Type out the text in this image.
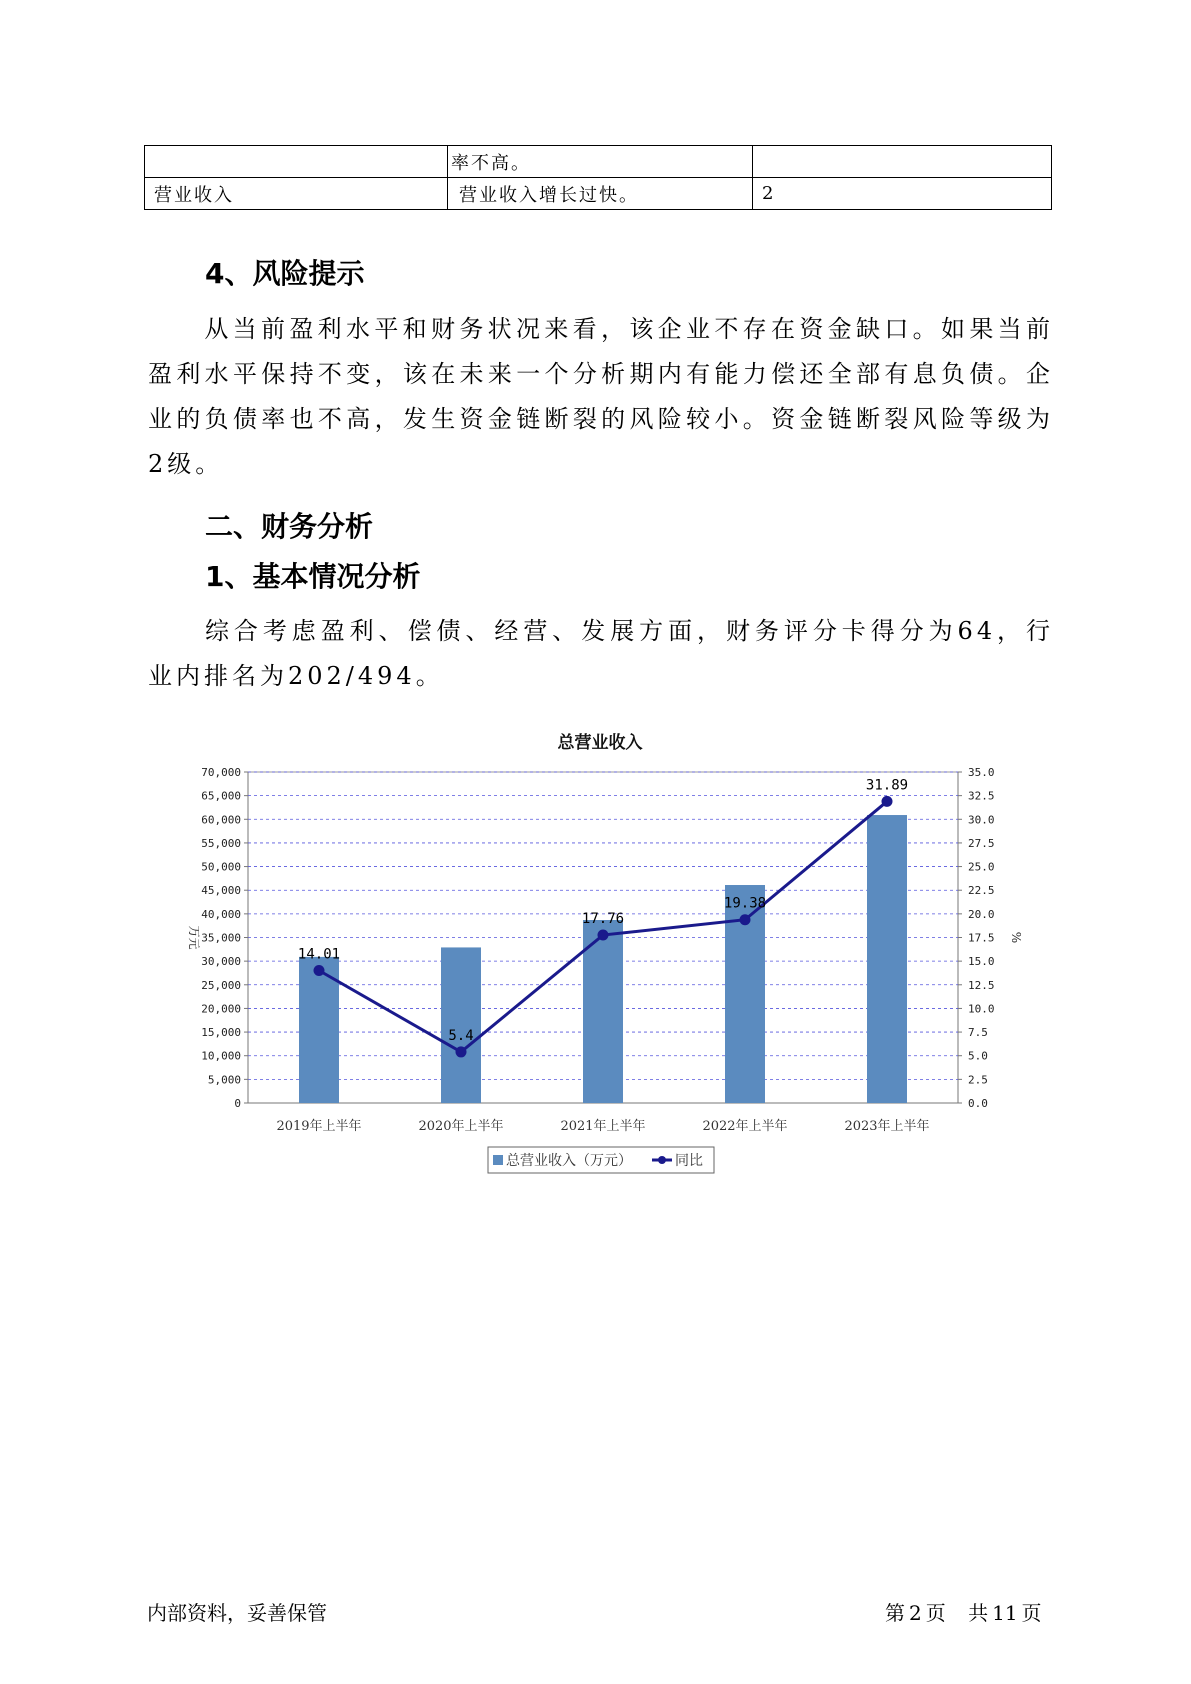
	率不高。	
营业收入	营业收入增长过快。	2
4、风险提示

从当前盈利水平和财务状况来看，该企业不存在资金缺口。如果当前盈利水平保持不变，该在未来一个分析期内有能力偿还全部有息负债。企业的负债率也不高，发生资金链断裂的风险较小。资金链断裂风险等级为2级。

二、财务分析
1、基本情况分析

综合考虑盈利、偿债、经营、发展方面，财务评分卡得分为64，行业内排名为202/494。

0
5,000
10,000
15,000
20,000
25,000
30,000
35,000
40,000
45,000
50,000
55,000
60,000
65,000
70,000
0.0
2.5
5.0
7.5
10.0
12.5
15.0
17.5
20.0
22.5
25.0
27.5
30.0
32.5
35.0
万元	%
总营业收入
2019年上半年	2020年上半年	2021年上半年	2022年上半年	2023年上半年
14.01
5.4
17.76
19.38
31.89
总营业收入（万元）	同比
内部资料，妥善保管	第 2 页 共 11 页
